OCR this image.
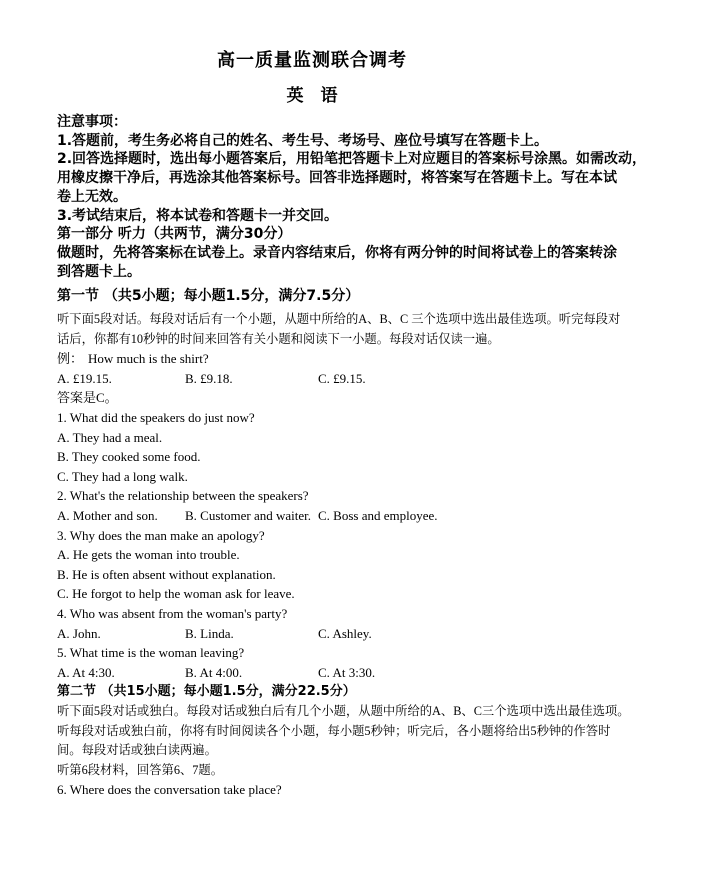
高一质量监测联合调考
英　语
注意事项：
1.答题前，考生务必将自己的姓名、考生号、考场号、座位号填写在答题卡上。
2.回答选择题时，选出每小题答案后，用铅笔把答题卡上对应题目的答案标号涂黑。如需改动，
用橡皮擦干净后，再选涂其他答案标号。回答非选择题时，将答案写在答题卡上。写在本试
卷上无效。
3.考试结束后，将本试卷和答题卡一并交回。
第一部分 听力（共两节，满分30分）
做题时，先将答案标在试卷上。录音内容结束后，你将有两分钟的时间将试卷上的答案转涂
到答题卡上。
第一节 （共5小题；每小题1.5分，满分7.5分）
听下面5段对话。每段对话后有一个小题，从题中所给的A、B、C 三个选项中选出最佳选项。听完每段对
话后，你都有10秒钟的时间来回答有关小题和阅读下一小题。每段对话仅读一遍。
例： How much is the shirt?
A. £19.15.	B. £9.18.	C. £9.15.
答案是C。
1. What did the speakers do just now?
A. They had a meal.
B. They cooked some food.
C. They had a long walk.
2. What's the relationship between the speakers?
A. Mother and son.	B. Customer and waiter. C. Boss and employee.
3. Why does the man make an apology?
A. He gets the woman into trouble.
B. He is often absent without explanation.
C. He forgot to help the woman ask for leave.
4. Who was absent from the woman's party?
A. John.	B. Linda.	C. Ashley.
5. What time is the woman leaving?
A. At 4:30.	B. At 4:00.	C. At 3:30.
第二节 （共15小题；每小题1.5分，满分22.5分）
听下面5段对话或独白。每段对话或独白后有几个小题，从题中所给的A、B、C三个选项中选出最佳选项。
听每段对话或独白前，你将有时间阅读各个小题，每小题5秒钟；听完后，各小题将给出5秒钟的作答时
间。每段对话或独白读两遍。
听第6段材料，回答第6、7题。
6. Where does the conversation take place?
